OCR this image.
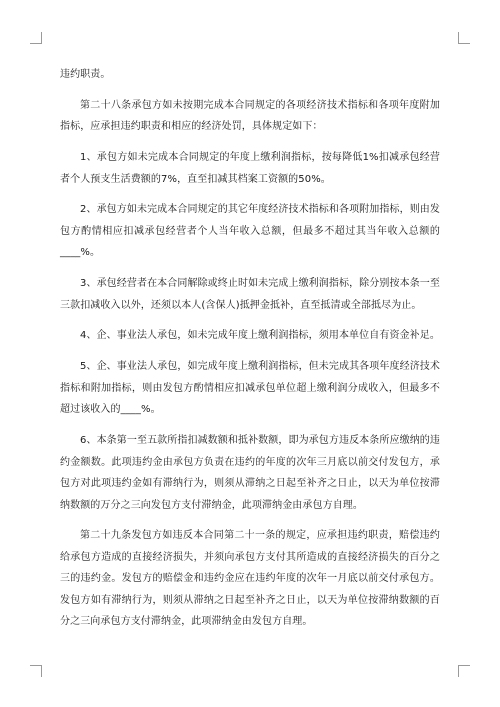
违约职责。

第二十八条承包方如未按期完成本合同规定的各项经济技术指标和各项年度附加指标，应承担违约职责和相应的经济处罚，具体规定如下：

1、承包方如未完成本合同规定的年度上缴利润指标，按每降低1%扣减承包经营者个人预支生活费额的7%，直至扣减其档案工资额的50%。

2、承包方如未完成本合同规定的其它年度经济技术指标和各项附加指标，则由发包方酌情相应扣减承包经营者个人当年收入总额，但最多不超过其当年收入总额的____%。

3、承包经营者在本合同解除或终止时如未完成上缴利润指标，除分别按本条一至三款扣减收入以外，还须以本人(含保人)抵押金抵补，直至抵清或全部抵尽为止。

4、企、事业法人承包，如未完成年度上缴利润指标，须用本单位自有资金补足。

5、企、事业法人承包，如完成年度上缴利润指标，但未完成其各项年度经济技术指标和附加指标，则由发包方酌情相应扣减承包单位超上缴利润分成收入，但最多不超过该收入的____%。

6、本条第一至五款所指扣减数额和抵补数额，即为承包方违反本条所应缴纳的违约金额数。此项违约金由承包方负责在违约的年度的次年三月底以前交付发包方，承包方对此项违约金如有滞纳行为，则须从滞纳之日起至补齐之日止，以天为单位按滞纳数额的万分之三向发包方支付滞纳金，此项滞纳金由承包方自理。

第二十九条发包方如违反本合同第二十一条的规定，应承担违约职责，赔偿违约给承包方造成的直接经济损失，并须向承包方支付其所造成的直接经济损失的百分之三的违约金。发包方的赔偿金和违约金应在违约年度的次年一月底以前交付承包方。发包方如有滞纳行为，则须从滞纳之日起至补齐之日止，以天为单位按滞纳数额的百分之三向承包方支付滞纳金，此项滞纳金由发包方自理。
